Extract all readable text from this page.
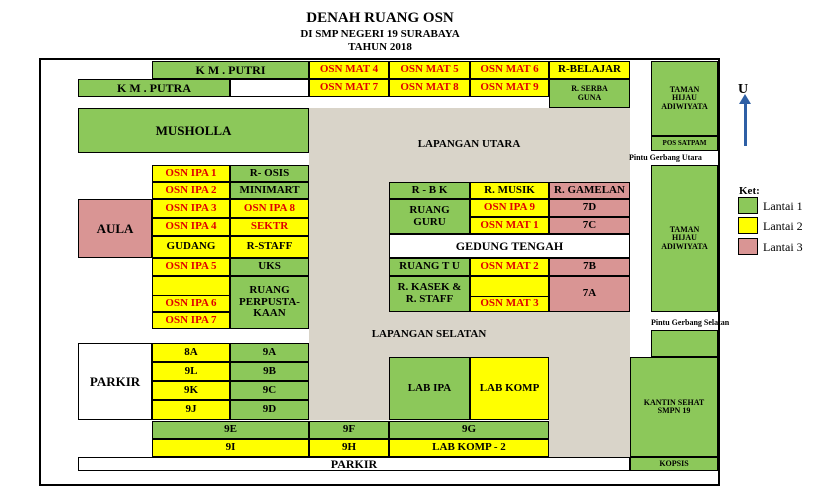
DENAH RUANG OSN
DI SMP NEGERI 19 SURABAYA
TAHUN 2018
LAPANGAN UTARA
LAPANGAN SELATAN
K M . PUTRI	OSN MAT 4	OSN MAT 5	OSN MAT 6	R-BELAJAR
K M . PUTRA	OSN MAT 7	OSN MAT 8	OSN MAT 9	R. SERBA
GUNA
TAMAN
HIJAU
ADIWIYATA
POS SATPAM
Pintu Gerbang Utara
MUSHOLLA
OSN IPA 1	R- OSIS
OSN IPA 2	MINIMART
AULA
OSN IPA 3	OSN IPA 8
OSN IPA 4	SEKTR
GUDANG	R-STAFF
OSN IPA 5	UKS
OSN IPA 6
RUANG
PERPUSTA-
KAAN
OSN IPA 7
R - B K	R. MUSIK	R. GAMELAN
RUANG
GURU
OSN IPA 9	7D
OSN MAT 1	7C
GEDUNG TENGAH
RUANG T U	OSN MAT 2	7B
R. KASEK &
R. STAFF	OSN MAT 3
7A
TAMAN
HIJAU
ADIWIYATA
Pintu Gerbang Selatan
KANTIN SEHAT
SMPN 19
KOPSIS
PARKIR
8A	9A
9L	9B
9K	9C
9J	9D
LAB IPA	LAB KOMP
9E	9F	9G
9I	9H	LAB KOMP - 2
PARKIR
U
Ket:
Lantai 1
Lantai 2
Lantai 3
